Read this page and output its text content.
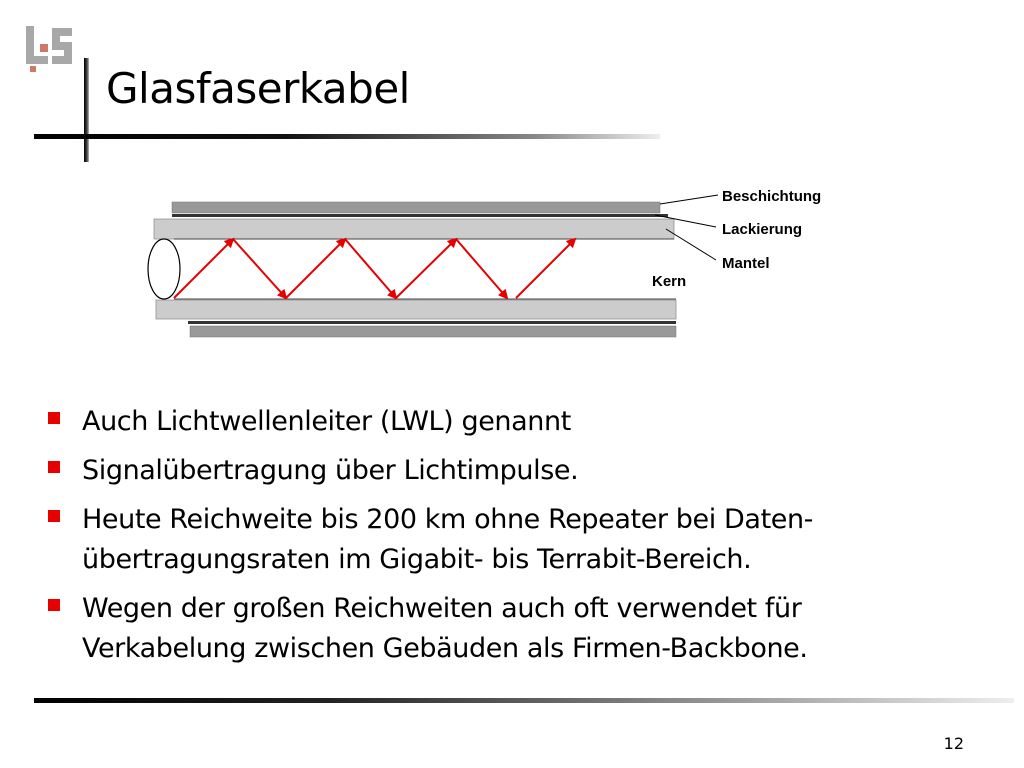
Glasfaserkabel
Beschichtung
Lackierung
Mantel
Kern
Auch Lichtwellenleiter (LWL) genannt
Signalübertragung über Lichtimpulse.
Heute Reichweite bis 200 km ohne Repeater bei Daten-übertragungsraten im Gigabit- bis Terrabit-Bereich.
Wegen der großen Reichweiten auch oft verwendet für Verkabelung zwischen Gebäuden als Firmen-Backbone.
12
